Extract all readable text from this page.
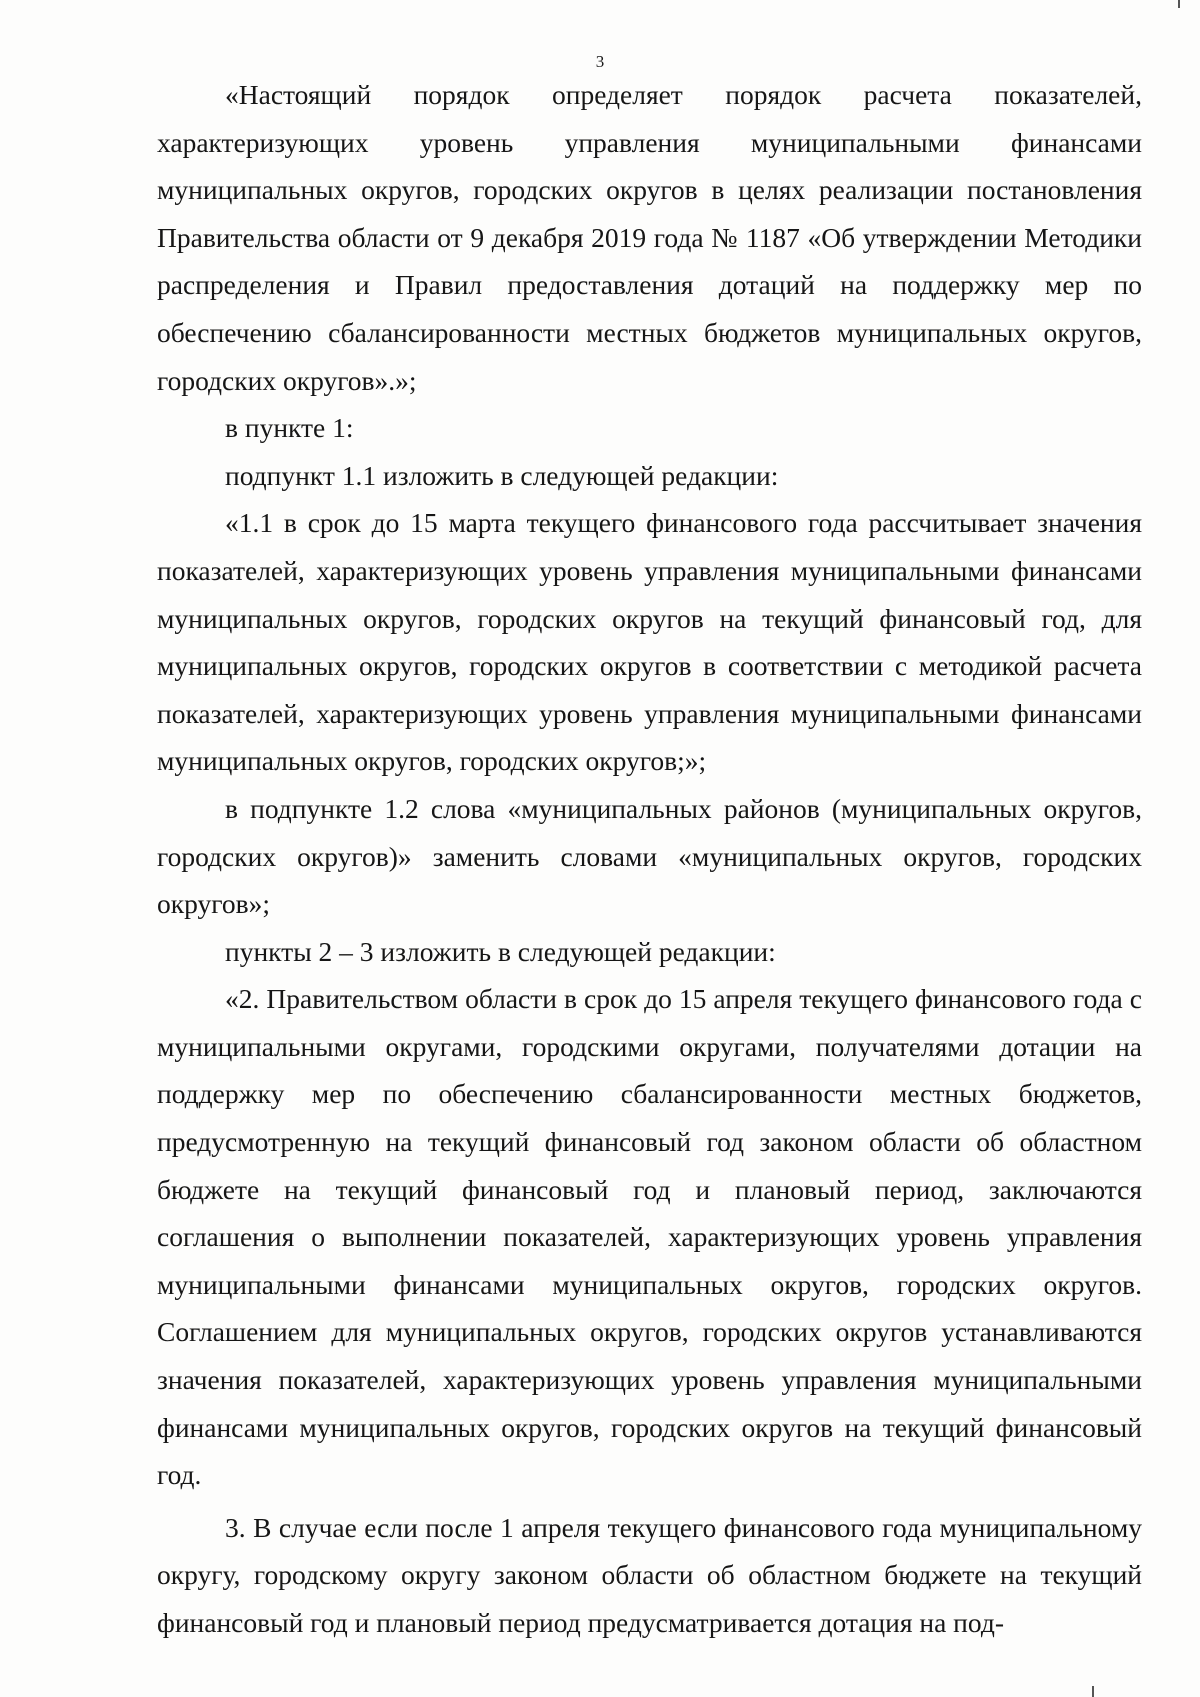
3

«Настоящий порядок определяет порядок расчета показателей, характеризующих уровень управления муниципальными финансами муниципальных округов, городских округов в целях реализации постановления Правительства области от 9 декабря 2019 года № 1187 «Об утверждении Методики распределения и Правил предоставления дотаций на поддержку мер по обеспечению сбалансированности местных бюджетов муниципальных округов, городских округов».»;

в пункте 1:

подпункт 1.1 изложить в следующей редакции:

«1.1 в срок до 15 марта текущего финансового года рассчитывает значения показателей, характеризующих уровень управления муниципальными финансами муниципальных округов, городских округов на текущий финансовый год, для муниципальных округов, городских округов в соответствии с методикой расчета показателей, характеризующих уровень управления муниципальными финансами муниципальных округов, городских округов;»;

в подпункте 1.2 слова «муниципальных районов (муниципальных округов, городских округов)» заменить словами «муниципальных округов, городских округов»;

пункты 2 – 3 изложить в следующей редакции:

«2. Правительством области в срок до 15 апреля текущего финансового года с муниципальными округами, городскими округами, получателями дотации на поддержку мер по обеспечению сбалансированности местных бюджетов, предусмотренную на текущий финансовый год законом области об областном бюджете на текущий финансовый год и плановый период, заключаются соглашения о выполнении показателей, характеризующих уровень управления муниципальными финансами муниципальных округов, городских округов. Соглашением для муниципальных округов, городских округов устанавливаются значения показателей, характеризующих уровень управления муниципальными финансами муниципальных округов, городских округов на текущий финансовый год.

3. В случае если после 1 апреля текущего финансового года муниципальному округу, городскому округу законом области об областном бюджете на текущий финансовый год и плановый период предусматривается дотация на под-
